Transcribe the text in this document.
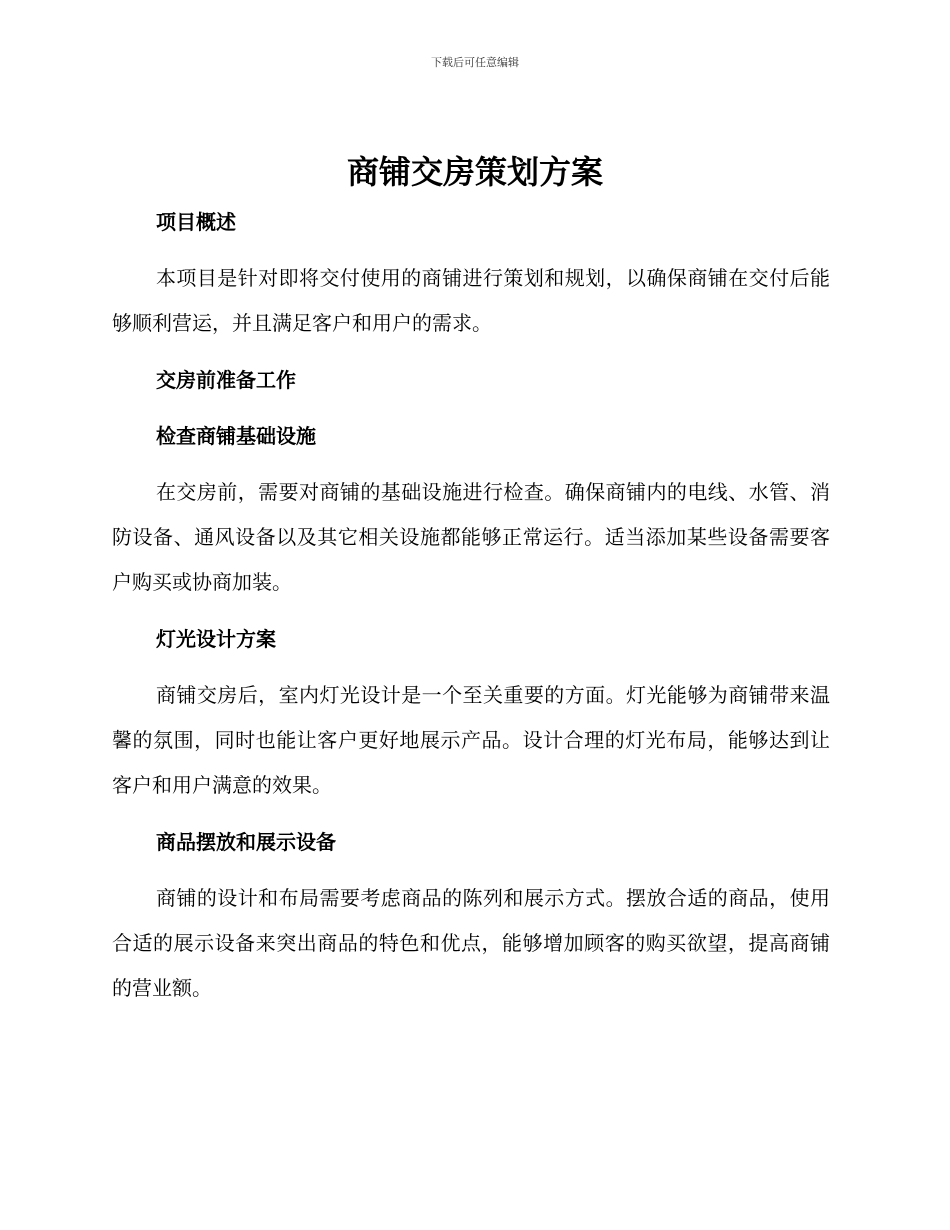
下载后可任意编辑
商铺交房策划方案

项目概述

本项目是针对即将交付使用的商铺进行策划和规划，以确保商铺在交付后能够顺利营运，并且满足客户和用户的需求。

交房前准备工作

检查商铺基础设施

在交房前，需要对商铺的基础设施进行检查。确保商铺内的电线、水管、消防设备、通风设备以及其它相关设施都能够正常运行。适当添加某些设备需要客户购买或协商加装。

灯光设计方案

商铺交房后，室内灯光设计是一个至关重要的方面。灯光能够为商铺带来温馨的氛围，同时也能让客户更好地展示产品。设计合理的灯光布局，能够达到让客户和用户满意的效果。

商品摆放和展示设备

商铺的设计和布局需要考虑商品的陈列和展示方式。摆放合适的商品，使用合适的展示设备来突出商品的特色和优点，能够增加顾客的购买欲望，提高商铺的营业额。
